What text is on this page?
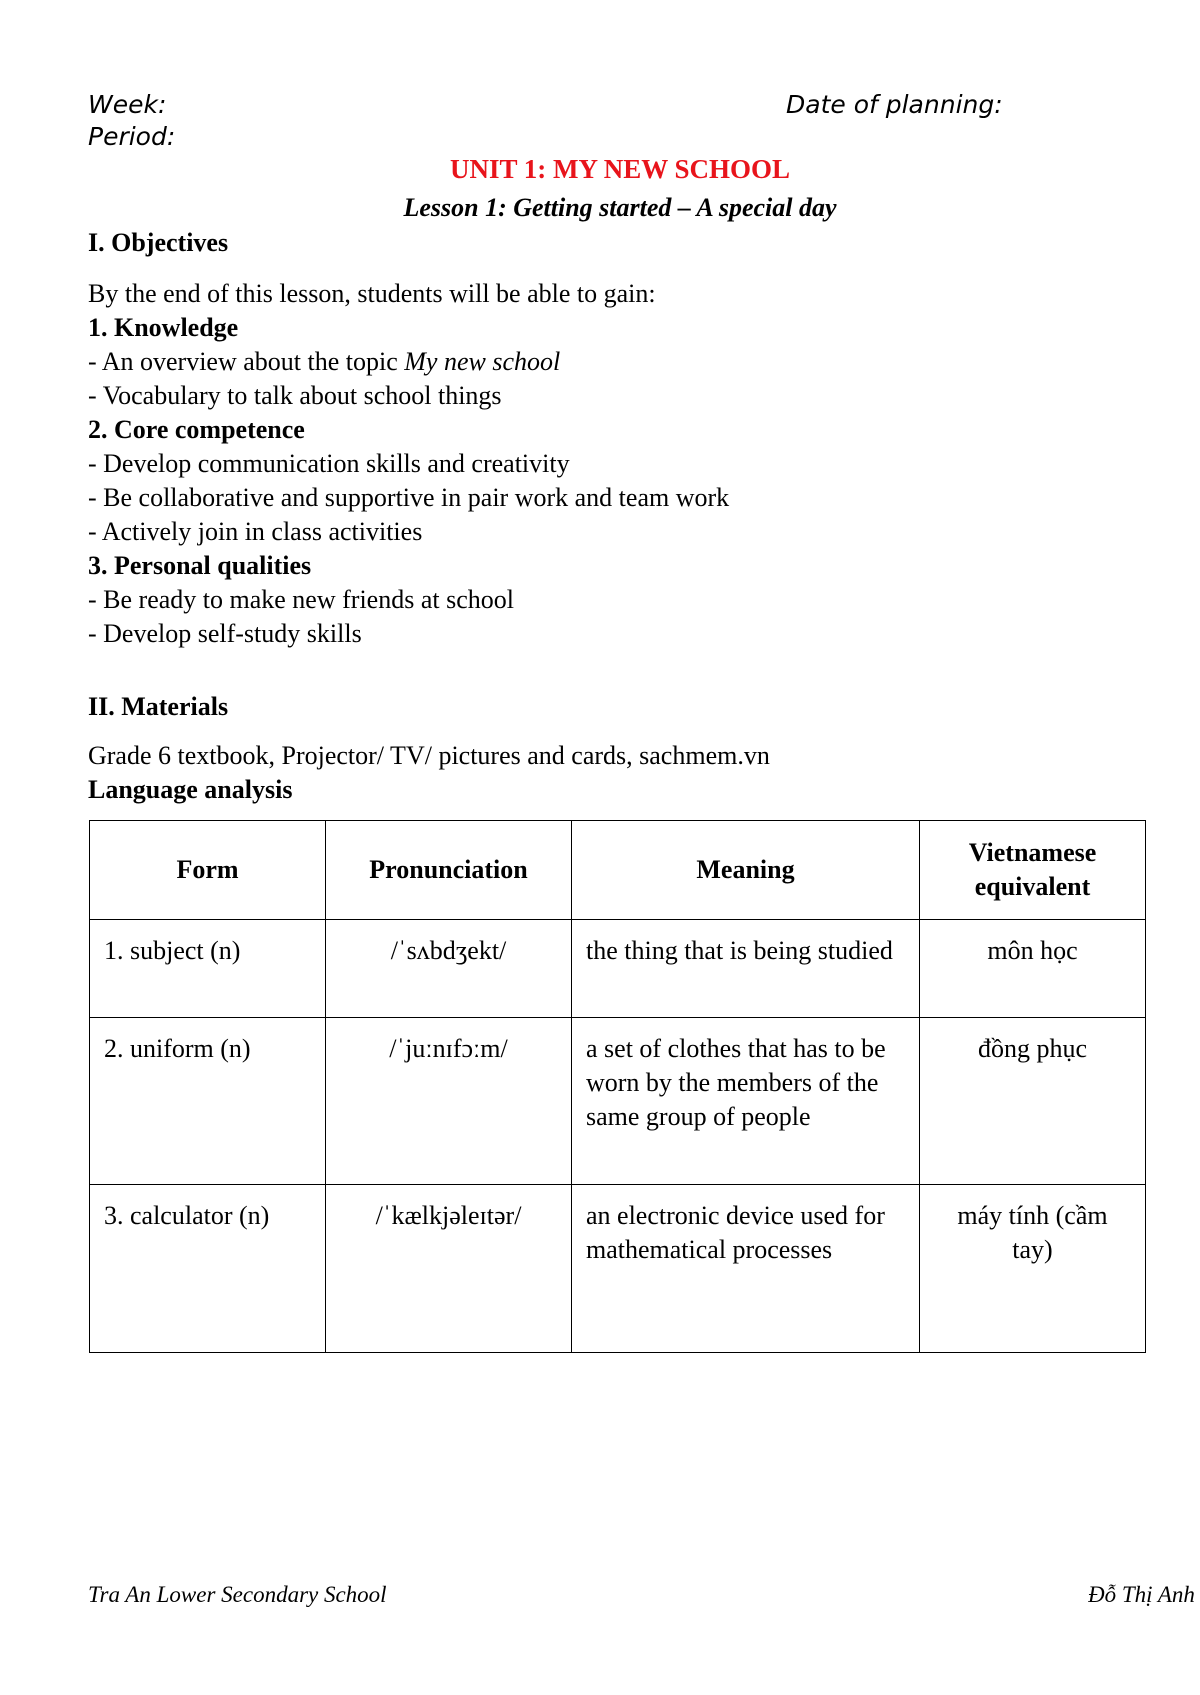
Week:	Date of planning:
Period:
UNIT 1: MY NEW SCHOOL
Lesson 1: Getting started – A special day
I. Objectives
By the end of this lesson, students will be able to gain:
1. Knowledge
- An overview about the topic My new school
- Vocabulary to talk about school things
2. Core competence
- Develop communication skills and creativity
- Be collaborative and supportive in pair work and team work
- Actively join in class activities
3. Personal qualities
- Be ready to make new friends at school
- Develop self-study skills
II. Materials
Grade 6 textbook, Projector/ TV/ pictures and cards, sachmem.vn
Language analysis
Form	Pronunciation	Meaning	Vietnamese equivalent
1. subject (n)	/ˈsʌbdʒekt/	the thing that is being studied	môn học
2. uniform (n)	/ˈjuːnɪfɔːm/	a set of clothes that has to be worn by the members of the same group of people	đồng phục
3. calculator (n)	/ˈkælkjəleɪtər/	an electronic device used for mathematical processes	máy tính (cầm tay)
Tra An Lower Secondary School	Đỗ Thị Anh
